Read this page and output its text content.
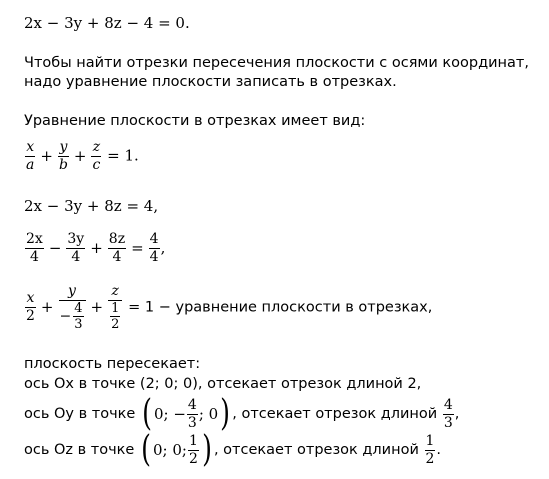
2x − 3y + 8z − 4 = 0.
Чтобы найти отрезки пересечения плоскости с осями координат,
надо уравнение плоскости записать в отрезках.
Уравнение плоскости в отрезках имеет вид:
$\frac{x}{a} + \frac{y}{b} + \frac{z}{c} = 1$.
2x − 3y + 8z = 4,
$\frac{2x}{4} - \frac{3y}{4} + \frac{8z}{4} = \frac{4}{4}$ ,
$\frac{x}{2} + \frac{y}{- \frac{4}{3}} + \frac{z}{\frac{1}{2}} = 1$ − уравнение плоскости в отрезках,
плоскость пересекает:
ось Ox в точке (2; 0; 0), отсекает отрезок длиной 2,
ось Oy в точке ( 0; − $\frac{4}{3}$ ; 0) , отсекает отрезок длиной $\frac{4}{3}$ ,
ось Oz в точке ( 0; 0; $\frac{1}{2}$ ) , отсекает отрезок длиной $\frac{1}{2}$ .
